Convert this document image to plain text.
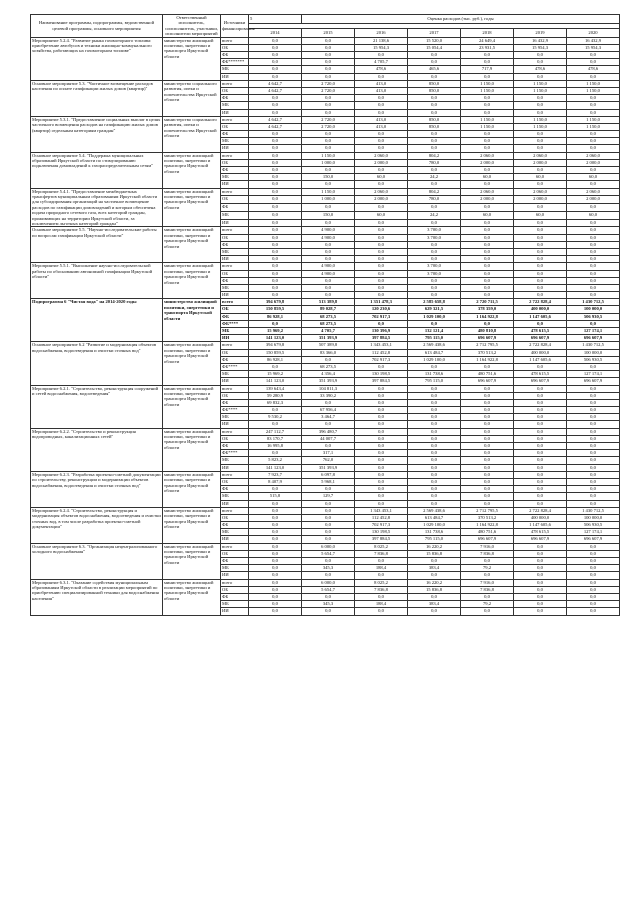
Наименование программы, подпрограммы, ведомственной целевой программы, основного мероприятия	Ответственный исполнитель, соисполнитель, участники, исполнители мероприятий	Источники финансирования	5	Оценка расходов (тыс. руб.), годы					

			2014	2015	2016	2017	2018	2019	2020
Мероприятие 5.2.4. "Развитие рынка газомоторного топлива: приобретение автобусов и техники жилищно-коммунального хозяйства, работающих на газомоторном топливе"	министерство жилищной политики, энергетики и транспорта Иркутской области	всего	0,0	0,0	21 138,6	15 520,0	24 649,4	16 432,9	16 432,9
		ОБ	0,0	0,0	15 954,3	15 054,4	23 931,5	15 954,3	15 954,3
		ФБ	0,0	0,0	0,0	0,0	0,0	0,0	0,0
		ФБ*******	0,0	0,0	4 705,7	0,0	0,0	0,0	0,0
		МБ	0,0	0,0	478,6	465,6	717,9	478,6	478,6
		ИИ	0,0	0,0	0,0	0,0	0,0	0,0	0,0
Основное мероприятие 5.3. "Частичное возмещение расходов населения по оплате газификации жилых домов (квартир)"	министерство социального развития, опеки и попечительства Иркутской области	всего	4 642,7	2 720,0	413,0	850,0	1 150,0	1 150,0	1 150,0
		ОБ	4 642,7	2 720,0	413,0	850,0	1 150,0	1 150,0	1 150,0
		ФБ	0,0	0,0	0,0	0,0	0,0	0,0	0,0
		МБ	0,0	0,0	0,0	0,0	0,0	0,0	0,0
		ИИ	0,0	0,0	0,0	0,0	0,0	0,0	0,0
Мероприятие 5.3.1. "Предоставление социальных выплат в целях частичного возмещения расходов на газификацию жилых домов (квартир) отдельным категориям граждан"	министерство социального развития, опеки и попечительства Иркутской области	всего	4 642,7	2 720,0	413,0	850,0	1 150,0	1 150,0	1 150,0
		ОБ	4 642,7	2 720,0	413,0	850,0	1 150,0	1 150,0	1 150,0
		ФБ	0,0	0,0	0,0	0,0	0,0	0,0	0,0
		МБ	0,0	0,0	0,0	0,0	0,0	0,0	0,0
		ИИ	0,0	0,0	0,0	0,0	0,0	0,0	0,0
Основное мероприятие 5.4. "Поддержка муниципальных образований Иркутской области по стимулированию подключения домовладений к газораспределительным сетям"	министерство жилищной политики, энергетики и транспорта Иркутской области	всего	0,0	1 150,0	2 060,0	804,2	2 060,0	2 060,0	2 060,0
		ОБ	0,0	1 000,0	2 000,0	780,0	2 000,0	2 000,0	2 000,0
		ФБ	0,0	0,0	0,0	0,0	0,0	0,0	0,0
		МБ	0,0	150,0	60,0	24,2	60,0	60,0	60,0
		ИИ	0,0	0,0	0,0	0,0	0,0	0,0	0,0
Мероприятие 5.4.1. "Предоставление межбюджетных трансфертов муниципальным образованиям Иркутской области для субсидирования организаций на частичное возмещение расходов по газификации домовладений и которым обеспечена подача природного сетевого газа, всех категорий граждан, проживающих на территории Иркутской области, за исключением льготных категорий граждан"	министерство жилищной политики, энергетики и транспорта Иркутской области	всего	0,0	1 150,0	2 060,0	804,2	2 060,0	2 060,0	2 060,0
		ОБ	0,0	1 000,0	2 000,0	780,0	2 000,0	2 000,0	2 000,0
		ФБ	0,0	0,0	0,0	0,0	0,0	0,0	0,0
		МБ	0,0	150,0	60,0	24,2	60,0	60,0	60,0
		ИИ	0,0	0,0	0,0	0,0	0,0	0,0	0,0
Основное мероприятие 5.5. "Научно-исследовательские работы по вопросам газификации Иркутской области"	министерство жилищной политики, энергетики и транспорта Иркутской области	всего	0,0	4 900,0	0,0	3 700,0	0,0	0,0	0,0
		ОБ	0,0	4 900,0	0,0	3 700,0	0,0	0,0	0,0
		ФБ	0,0	0,0	0,0	0,0	0,0	0,0	0,0
		МБ	0,0	0,0	0,0	0,0	0,0	0,0	0,0
		ИИ	0,0	0,0	0,0	0,0	0,0	0,0	0,0
Мероприятие 5.5.1. "Выполнение научно-исследовательской работы по обоснованию автономной газификации Иркутской области"	министерство жилищной политики, энергетики и транспорта Иркутской области	всего	0,0	4 900,0	0,0	3 700,0	0,0	0,0	0,0
		ОБ	0,0	4 900,0	0,0	3 700,0	0,0	0,0	0,0
		ФБ	0,0	0,0	0,0	0,0	0,0	0,0	0,0
		МБ	0,0	0,0	0,0	0,0	0,0	0,0	0,0
		ИИ	0,0	0,0	0,0	0,0	0,0	0,0	0,0
Подпрограмма 6 "Чистая вода" на 2014-2020 годы	министерство жилищной политики, энергетики и транспорта Иркутской области	всего	394 679,8	513 389,8	1 351 478,3	2 585 658,8	2 720 711,5	2 722 828,4	1 430 712,5
		ОБ	150 859,5	89 028,7	120 230,6	629 321,5	378 359,0	400 000,0	100 000,0
		ФБ	86 928,1	68 273,5	702 917,3	1 029 100,0	1 164 922,8	1 147 605,6	506 930,5
		ФБ****	0,0	68 273,5	0,0	0,0	0,0	0,0	0,0
		МБ	15 969,2	4 705,7	130 396,9	132 121,4	480 810,8	478 615,5	127 174,1
		ИИ	141 123,0	351 393,9	397 884,5	795 115,0	696 607,9	696 607,9	696 607,9
Основное мероприятие 6.2 "Развитие и модернизация объектов водоснабжения, водоотведения и очистки сточных вод"	министерство жилищной политики, энергетики и транспорта Иркутской области	всего	394 679,8	507 389,8	1 343 453,1	2 569 438,6	2 712 795,5	2 722 828,4	1 430 712,5
		ОБ	150 859,5	83 366,0	112 452,8	613 484,7	370 513,2	400 000,0	100 000,0
		ФБ	86 928,1	0,0	702 917,3	1 029 100,0	1 164 922,8	1 147 605,6	506 930,5
		ФБ****	0,0	68 273,5	0,0	0,0	0,0	0,0	0,0
		МБ	15 969,2	4 356,4	130 198,5	131 738,6	480 751,6	478 615,5	127 174,1
		ИИ	141 123,0	351 393,9	397 884,5	795 115,0	696 607,9	696 607,9	696 607,9
Мероприятие 6.2.1. "Строительство, реконструкция сооружений и сетей водоснабжения, водоотведения"	министерство жилищной политики, энергетики и транспорта Иркутской области	всего	139 643,4	104 811,3	0,0	0,0	0,0	0,0	0,0
		ОБ	59 280,9	33 390,2	0,0	0,0	0,0	0,0	0,0
		ФБ	69 832,3	0,0	0,0	0,0	0,0	0,0	0,0
		ФБ****	0,0	67 956,4	0,0	0,0	0,0	0,0	0,0
		МБ	9 530,2	3 464,7	0,0	0,0	0,0	0,0	0,0
		ИИ	0,0	0,0	0,0	0,0	0,0	0,0	0,0
Мероприятие 6.2.2. "Строительство и реконструкция водопроводных, канализационных сетей"	министерство жилищной политики, энергетики и транспорта Иркутской области	всего	247 112,7	396 480,7	0,0	0,0	0,0	0,0	0,0
		ОБ	83 170,7	44 007,7	0,0	0,0	0,0	0,0	0,0
		ФБ	16 995,8	0,0	0,0	0,0	0,0	0,0	0,0
		ФБ****	0,0	317,1	0,0	0,0	0,0	0,0	0,0
		МБ	5 823,2	762,0	0,0	0,0	0,0	0,0	0,0
		ИИ	141 123,0	351 393,9	0,0	0,0	0,0	0,0	0,0
Мероприятие 6.2.3. "Разработка проектно-сметной документации по строительству, реконструкции и модернизации объектов водоснабжения, водоотведения и очистки сточных вод"	министерство жилищной политики, энергетики и транспорта Иркутской области	всего	7 923,7	6 097,8	0,0	0,0	0,0	0,0	0,0
		ОБ	8 407,9	5 968,1	0,0	0,0	0,0	0,0	0,0
		ФБ	0,0	0,0	0,0	0,0	0,0	0,0	0,0
		МБ	515,8	129,7	0,0	0,0	0,0	0,0	0,0
		ИИ	0,0	0,0	0,0	0,0	0,0	0,0	0,0
Мероприятие 6.2.4. "Строительство, реконструкция и модернизация объектов водоснабжения, водоотведения и очистки сточных вод, в том числе разработка проектно-сметной документации"	министерство жилищной политики, энергетики и транспорта Иркутской области	всего	0,0	0,0	1 343 453,1	2 569 438,6	2 712 795,5	2 722 828,4	1 430 712,5
		ОБ	0,0	0,0	112 452,8	613 484,7	370 513,2	400 000,0	100 000,0
		ФБ	0,0	0,0	702 917,3	1 029 100,0	1 164 922,8	1 147 605,6	506 930,5
		МБ	0,0	0,0	130 198,5	131 738,6	480 751,6	478 615,5	127 174,1
		ИИ	0,0	0,0	397 884,5	795 115,0	696 607,9	696 607,9	696 607,9
Основное мероприятие 6.3. "Организация нецентрализованного холодного водоснабжения"	министерство жилищной политики, энергетики и транспорта Иркутской области	всего	0,0	6 000,0	8 025,2	16 220,2	7 916,0	0,0	0,0
		ОБ	0,0	5 654,7	7 836,8	15 836,8	7 836,8	0,0	0,0
		ФБ	0,0	0,0	0,0	0,0	0,0	0,0	0,0
		МБ	0,0	345,3	188,4	383,4	79,2	0,0	0,0
		ИИ	0,0	0,0	0,0	0,0	0,0	0,0	0,0
Мероприятие 6.3.1. "Оказание содействия муниципальным образованиям Иркутской области в реализации мероприятий по приобретению специализированной техники для водоснабжения населения"	министерство жилищной политики, энергетики и транспорта Иркутской области	всего	0,0	6 000,0	8 025,2	16 220,2	7 916,0	0,0	0,0
		ОБ	0,0	5 654,7	7 836,8	15 836,8	7 836,8	0,0	0,0
		ФБ	0,0	0,0	0,0	0,0	0,0	0,0	0,0
		МБ	0,0	345,3	188,4	383,4	79,2	0,0	0,0
		ИИ	0,0	0,0	0,0	0,0	0,0	0,0	0,0
